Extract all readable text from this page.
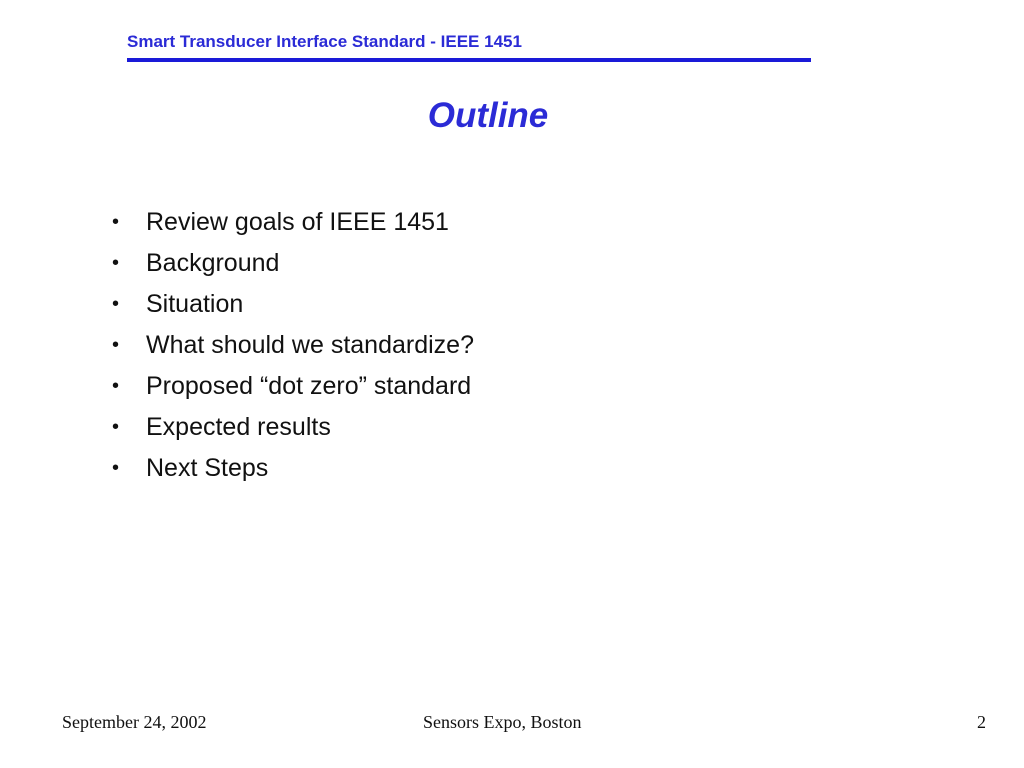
Smart Transducer Interface Standard - IEEE 1451
Outline
•	Review goals of IEEE 1451
•	Background
•	Situation
•	What should we standardize?
•	Proposed “dot zero” standard
•	Expected results
•	Next Steps
September 24, 2002	Sensors Expo, Boston	2
